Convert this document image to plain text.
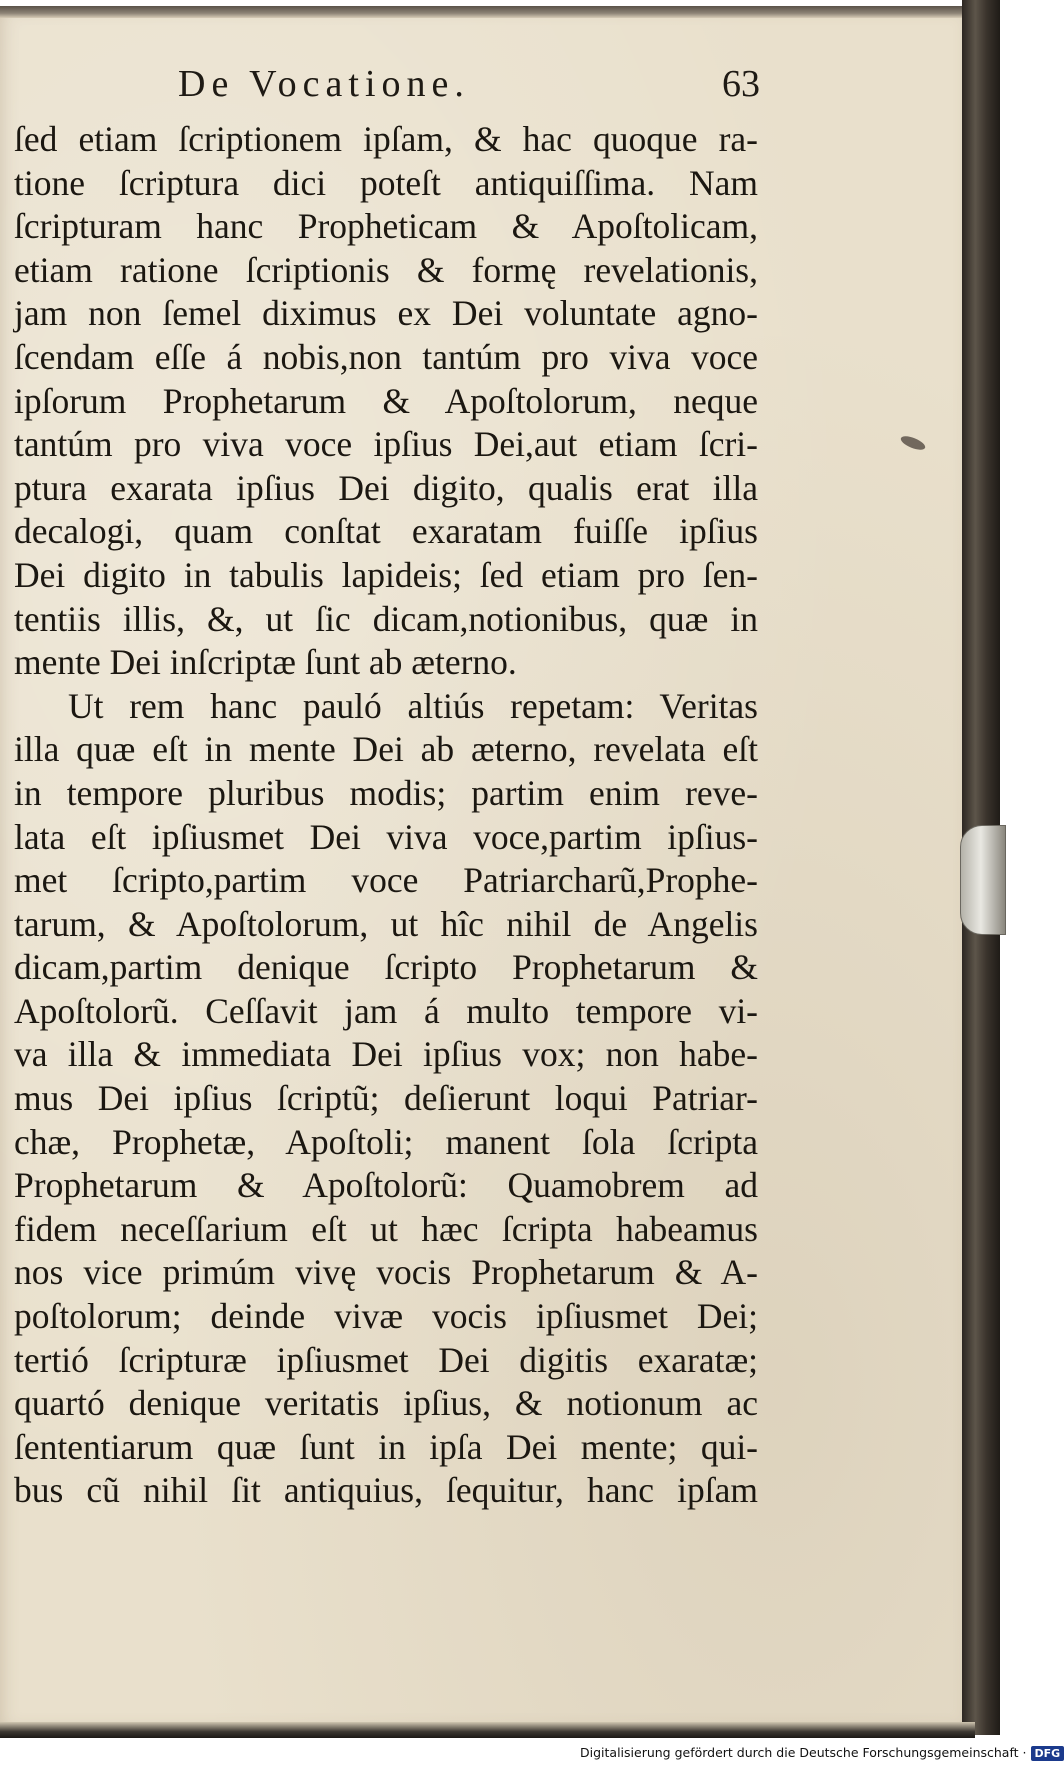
De Vocatione.	63
ſed etiam ſcriptionem ipſam, & hac quoque ra-
tione ſcriptura dici poteſt antiquiſſima. Nam
ſcripturam hanc Propheticam & Apoſtolicam,
etiam ratione ſcriptionis & formę revelationis,
jam non ſemel diximus ex Dei voluntate agno-
ſcendam eſſe á nobis,non tantúm pro viva voce
ipſorum Prophetarum & Apoſtolorum, neque
tantúm pro viva voce ipſius Dei,aut etiam ſcri-
ptura exarata ipſius Dei digito, qualis erat illa
decalogi, quam conſtat exaratam fuiſſe ipſius
Dei digito in tabulis lapideis; ſed etiam pro ſen-
tentiis illis, &, ut ſic dicam,notionibus, quæ in
mente Dei inſcriptæ ſunt ab æterno.
Ut rem hanc pauló altiús repetam: Veritas
illa quæ eſt in mente Dei ab æterno, revelata eſt
in tempore pluribus modis; partim enim reve-
lata eſt ipſiusmet Dei viva voce,partim ipſius-
met ſcripto,partim voce Patriarcharũ,Prophe-
tarum, & Apoſtolorum, ut hîc nihil de Angelis
dicam,partim denique ſcripto Prophetarum &
Apoſtolorũ. Ceſſavit jam á multo tempore vi-
va illa & immediata Dei ipſius vox; non habe-
mus Dei ipſius ſcriptũ; deſierunt loqui Patriar-
chæ, Prophetæ, Apoſtoli; manent ſola ſcripta
Prophetarum & Apoſtolorũ: Quamobrem ad
fidem neceſſarium eſt ut hæc ſcripta habeamus
nos vice primúm vivę vocis Prophetarum & A-
poſtolorum; deinde vivæ vocis ipſiusmet Dei;
tertió ſcripturæ ipſiusmet Dei digitis exaratæ;
quartó denique veritatis ipſius, & notionum ac
ſententiarum quæ ſunt in ipſa Dei mente; qui-
bus cũ nihil ſit antiquius, ſequitur, hanc ipſam
Digitalisierung gefördert durch die Deutsche Forschungsgemeinschaft · DFG
